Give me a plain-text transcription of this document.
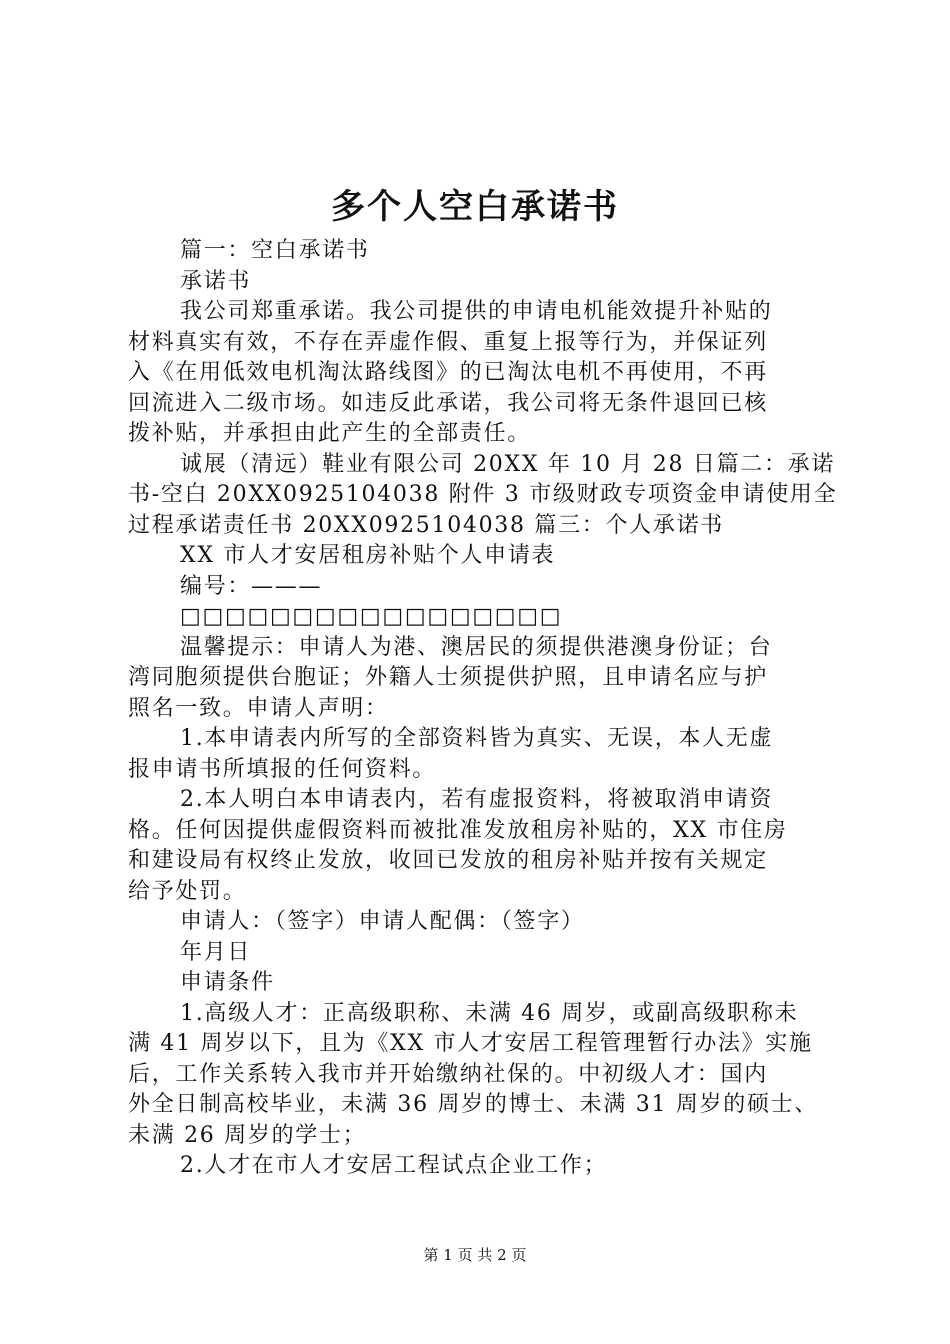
多个人空白承诺书
篇一：空白承诺书
承诺书
我公司郑重承诺。我公司提供的申请电机能效提升补贴的
材料真实有效，不存在弄虚作假、重复上报等行为，并保证列
入《在用低效电机淘汰路线图》的已淘汰电机不再使用，不再
回流进入二级市场。如违反此承诺，我公司将无条件退回已核
拨补贴，并承担由此产生的全部责任。
诚展（清远）鞋业有限公司 20XX 年 10 月 28 日篇二：承诺
书-空白 20XX0925104038 附件 3 市级财政专项资金申请使用全
过程承诺责任书 20XX0925104038 篇三：个人承诺书
XX 市人才安居租房补贴个人申请表
编号：———
□□□□□□□□□□□□□□□□□
温馨提示：申请人为港、澳居民的须提供港澳身份证；台
湾同胞须提供台胞证；外籍人士须提供护照，且申请名应与护
照名一致。申请人声明：
1.本申请表内所写的全部资料皆为真实、无误，本人无虚
报申请书所填报的任何资料。
2.本人明白本申请表内，若有虚报资料，将被取消申请资
格。任何因提供虚假资料而被批准发放租房补贴的，XX 市住房
和建设局有权终止发放，收回已发放的租房补贴并按有关规定
给予处罚。
申请人：（签字）申请人配偶：（签字）
年月日
申请条件
1.高级人才：正高级职称、未满 46 周岁，或副高级职称未
满 41 周岁以下，且为《XX 市人才安居工程管理暂行办法》实施
后，工作关系转入我市并开始缴纳社保的。中初级人才：国内
外全日制高校毕业，未满 36 周岁的博士、未满 31 周岁的硕士、
未满 26 周岁的学士；
2.人才在市人才安居工程试点企业工作；
第 1 页 共 2 页
